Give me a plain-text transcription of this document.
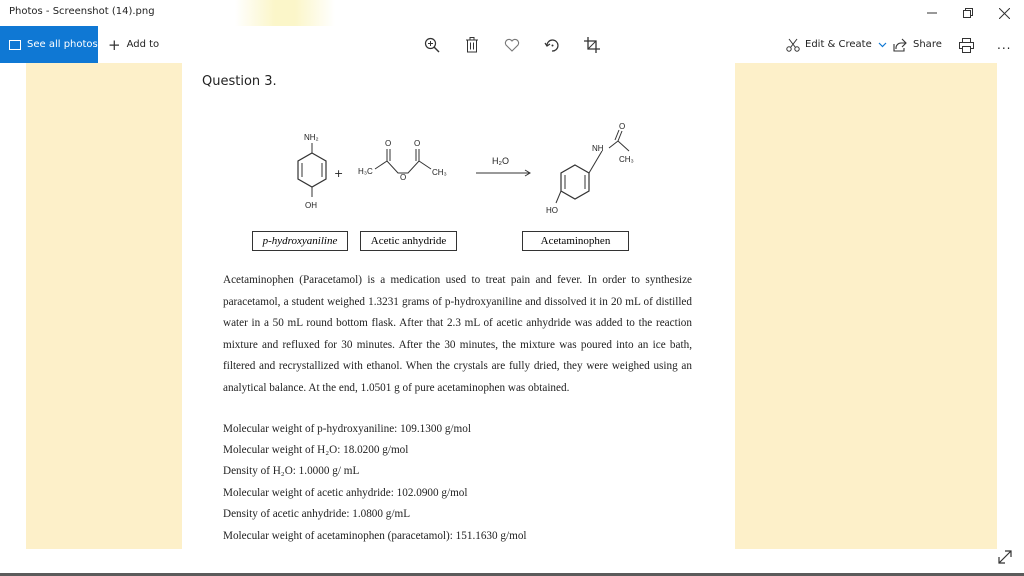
Photos - Screenshot (14).png
See all photos + Add to	Edit & Create	Share	...
Question 3.
NH₂
OH
+ H₃C
O	O
O
CH₃
H₂O
NH
O
CH₃
HO
p-hydroxyaniline	Acetic anhydride	Acetaminophen

Acetaminophen (Paracetamol) is a medication used to treat pain and fever. In order to synthesize paracetamol, a student weighed 1.3231 grams of p-hydroxyaniline and dissolved it in 20 mL of distilled water in a 50 mL round bottom flask. After that 2.3 mL of acetic anhydride was added to the reaction mixture and refluxed for 30 minutes. After the 30 minutes, the mixture was poured into an ice bath, filtered and recrystallized with ethanol. When the crystals are fully dried, they were weighed using an analytical balance. At the end, 1.0501 g of pure acetaminophen was obtained.

Molecular weight of p-hydroxyaniline: 109.1300 g/mol
Molecular weight of H₂O: 18.0200 g/mol
Density of H₂O: 1.0000 g/ mL
Molecular weight of acetic anhydride: 102.0900 g/mol
Density of acetic anhydride: 1.0800 g/mL
Molecular weight of acetaminophen (paracetamol): 151.1630 g/mol
